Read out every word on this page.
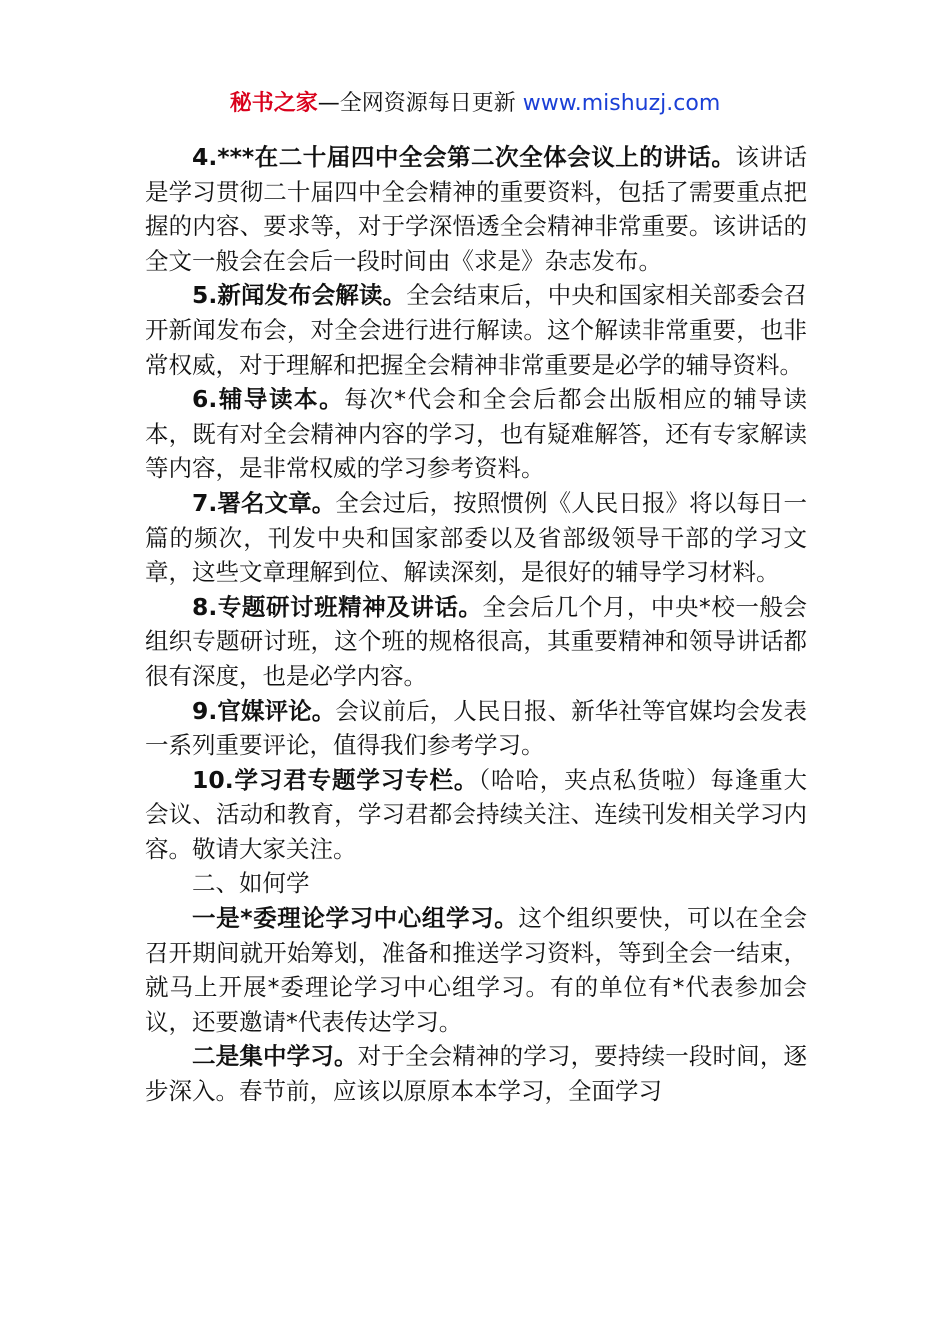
秘书之家—全网资源每日更新 www.mishuzj.com

4.***在二十届四中全会第二次全体会议上的讲话。该讲话是学习贯彻二十届四中全会精神的重要资料，包括了需要重点把握的内容、要求等，对于学深悟透全会精神非常重要。该讲话的全文一般会在会后一段时间由《求是》杂志发布。

5.新闻发布会解读。全会结束后，中央和国家相关部委会召开新闻发布会，对全会进行进行解读。这个解读非常重要，也非常权威，对于理解和把握全会精神非常重要是必学的辅导资料。

6.辅导读本。每次*代会和全会后都会出版相应的辅导读本，既有对全会精神内容的学习，也有疑难解答，还有专家解读等内容，是非常权威的学习参考资料。

7.署名文章。全会过后，按照惯例《人民日报》将以每日一篇的频次，刊发中央和国家部委以及省部级领导干部的学习文章，这些文章理解到位、解读深刻，是很好的辅导学习材料。

8.专题研讨班精神及讲话。全会后几个月，中央*校一般会组织专题研讨班，这个班的规格很高，其重要精神和领导讲话都很有深度，也是必学内容。

9.官媒评论。会议前后，人民日报、新华社等官媒均会发表一系列重要评论，值得我们参考学习。

10.学习君专题学习专栏。（哈哈，夹点私货啦）每逢重大会议、活动和教育，学习君都会持续关注、连续刊发相关学习内容。敬请大家关注。

二、如何学

一是*委理论学习中心组学习。这个组织要快，可以在全会召开期间就开始筹划，准备和推送学习资料，等到全会一结束，就马上开展*委理论学习中心组学习。有的单位有*代表参加会议，还要邀请*代表传达学习。

二是集中学习。对于全会精神的学习，要持续一段时间，逐步深入。春节前，应该以原原本本学习，全面学习
